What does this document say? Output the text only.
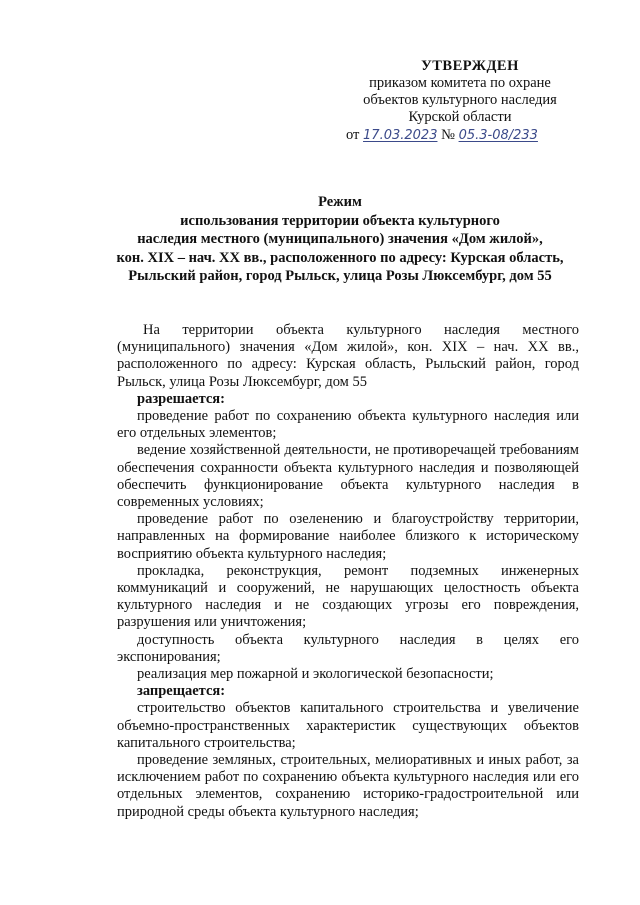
УТВЕРЖДЕН
приказом комитета по охране
объектов культурного наследия
Курской области
от 17.03.2023 № 05.3-08/233
Режим
использования территории объекта культурного
наследия местного (муниципального) значения «Дом жилой»,
кон. XIX – нач. XX вв., расположенного по адресу: Курская область,
Рыльский район, город Рыльск, улица Розы Люксембург, дом 55

На территории объекта культурного наследия местного (муниципального) значения «Дом жилой», кон. XIX – нач. XX вв., расположенного по адресу: Курская область, Рыльский район, город Рыльск, улица Розы Люксембург, дом 55

разрешается:

проведение работ по сохранению объекта культурного наследия или его отдельных элементов;

ведение хозяйственной деятельности, не противоречащей требованиям обеспечения сохранности объекта культурного наследия и позволяющей обеспечить функционирование объекта культурного наследия в современных условиях;

проведение работ по озеленению и благоустройству территории, направленных на формирование наиболее близкого к историческому восприятию объекта культурного наследия;

прокладка, реконструкция, ремонт подземных инженерных коммуникаций и сооружений, не нарушающих целостность объекта культурного наследия и не создающих угрозы его повреждения, разрушения или уничтожения;

доступность объекта культурного наследия в целях его экспонирования;

реализация мер пожарной и экологической безопасности;

запрещается:

строительство объектов капитального строительства и увеличение объемно-пространственных характеристик существующих объектов капитального строительства;

проведение земляных, строительных, мелиоративных и иных работ, за исключением работ по сохранению объекта культурного наследия или его отдельных элементов, сохранению историко-градостроительной или природной среды объекта культурного наследия;
